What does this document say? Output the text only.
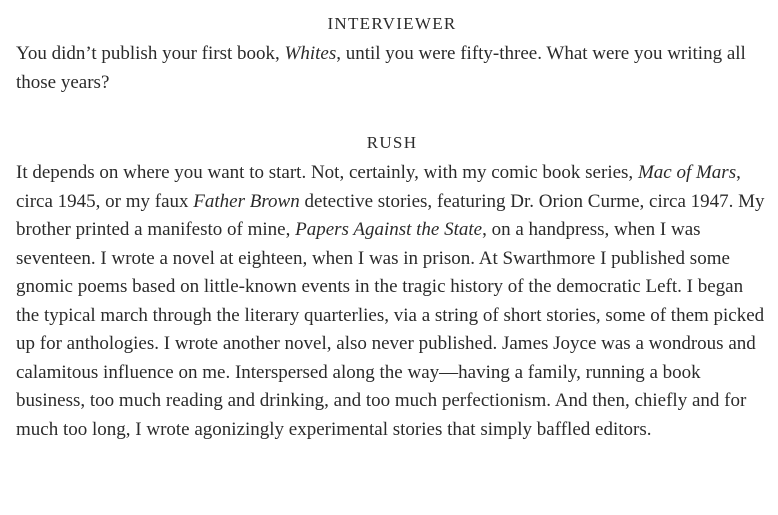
INTERVIEWER

You didn’t publish your first book, Whites, until you were fifty-three. What were you writing all those years?

RUSH

It depends on where you want to start. Not, certainly, with my comic book series, Mac of Mars, circa 1945, or my faux Father Brown detective stories, featuring Dr. Orion Curme, circa 1947. My brother printed a manifesto of mine, Papers Against the State, on a handpress, when I was seventeen. I wrote a novel at eighteen, when I was in prison. At Swarthmore I published some gnomic poems based on little-known events in the tragic history of the democratic Left. I began the typical march through the literary quarterlies, via a string of short stories, some of them picked up for anthologies. I wrote another novel, also never published. James Joyce was a wondrous and calamitous influence on me. Interspersed along the way—having a family, running a book business, too much reading and drinking, and too much perfectionism. And then, chiefly and for much too long, I wrote agonizingly experimental stories that simply baffled editors.
